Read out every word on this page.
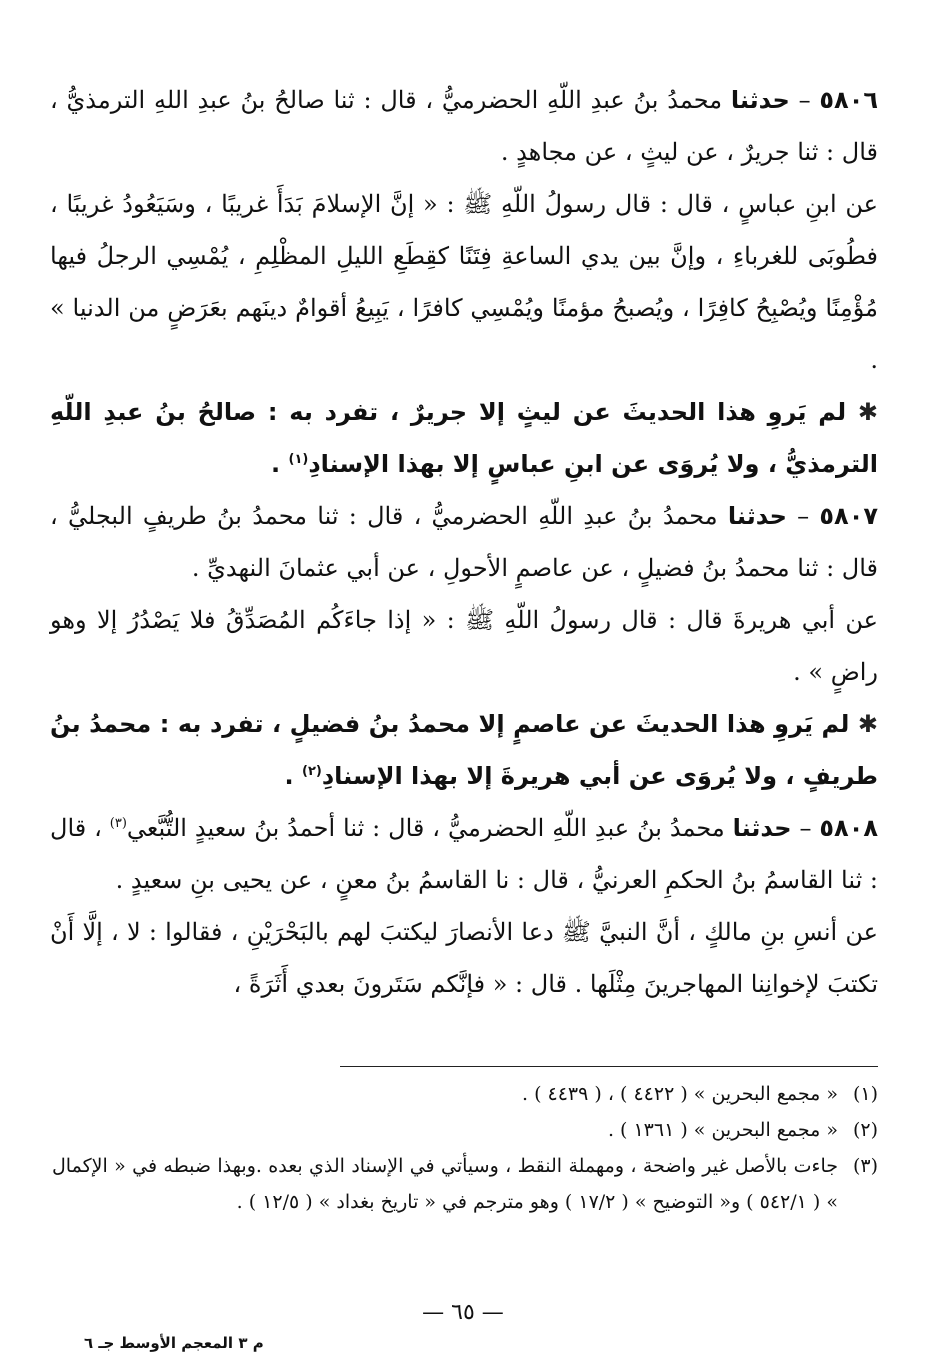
٥٨٠٦ – حدثنا محمدُ بنُ عبدِ اللّهِ الحضرميُّ ، قال : ثنا صالحُ بنُ عبدِ اللهِ الترمذيُّ ، قال : ثنا جريرٌ ، عن ليثٍ ، عن مجاهدٍ .

عن ابنِ عباسٍ ، قال : قال رسولُ اللّهِ ﷺ : « إنَّ الإسلامَ بَدَأَ غريبًا ، وسَيَعُودُ غريبًا ، فطُوبَى للغرباءِ ، وإنَّ بين يدي الساعةِ فِتَنًا كقِطَعِ الليلِ المظْلِمِ ، يُمْسِي الرجلُ فيها مُؤْمِنًا ويُصْبِحُ كافِرًا ، ويُصبحُ مؤمنًا ويُمْسِي كافرًا ، يَبِيعُ أقوامٌ دينَهم بعَرَضٍ من الدنيا » .

✱ لم يَروِ هذا الحديثَ عن ليثٍ إلا جريرٌ ، تفرد به : صالحُ بنُ عبدِ اللّهِ الترمذيُّ ، ولا يُروَى عن ابنِ عباسٍ إلا بهذا الإسنادِ$^{(١)}$ .

٥٨٠٧ – حدثنا محمدُ بنُ عبدِ اللّهِ الحضرميُّ ، قال : ثنا محمدُ بنُ طريفٍ البجليُّ ، قال : ثنا محمدُ بنُ فضيلٍ ، عن عاصمٍ الأحولِ ، عن أبي عثمانَ النهديِّ .

عن أبي هريرةَ قال : قال رسولُ اللّهِ ﷺ : « إذا جاءَكُم المُصَدِّقُ فلا يَصْدُرُ إلا وهو راضٍ » .

✱ لم يَروِ هذا الحديثَ عن عاصمٍ إلا محمدُ بنُ فضيلٍ ، تفرد به : محمدُ بنُ طريفٍ ، ولا يُروَى عن أبي هريرةَ إلا بهذا الإسنادِ$^{(٢)}$ .

٥٨٠٨ – حدثنا محمدُ بنُ عبدِ اللّهِ الحضرميُّ ، قال : ثنا أحمدُ بنُ سعيدٍ التُّبَّعي$^{(٣)}$ ، قال : ثنا القاسمُ بنُ الحكمِ العرنيُّ ، قال : نا القاسمُ بنُ معنٍ ، عن يحيى بنِ سعيدٍ .

عن أنسِ بنِ مالكٍ ، أنَّ النبيَّ ﷺ دعا الأنصارَ ليكتبَ لهم بالبَحْرَيْنِ ، فقالوا : لا ، إلَّا أَنْ تكتبَ لإخوانِنا المهاجرينَ مِثْلَها . قال : « فإنَّكم سَتَرونَ بعدي أَثَرَةً ،

(١)
« مجمع البحرين » ( ٤٤٢٢ ) ، ( ٤٤٣٩ ) .

(٢)
« مجمع البحرين » ( ١٣٦١ ) .

(٣)
جاءت بالأصل غير واضحة ، ومهملة النقط ، وسيأتي في الإسناد الذي بعده .وبهذا ضبطه في « الإكمال » ( ٥٤٢/١ ) و« التوضيح » ( ١٧/٢ ) وهو مترجم في « تاريخ بغداد » ( ١٢/٥ ) .

— ٦٥ —
م ٣ المعجم الأوسط جـ ٦
